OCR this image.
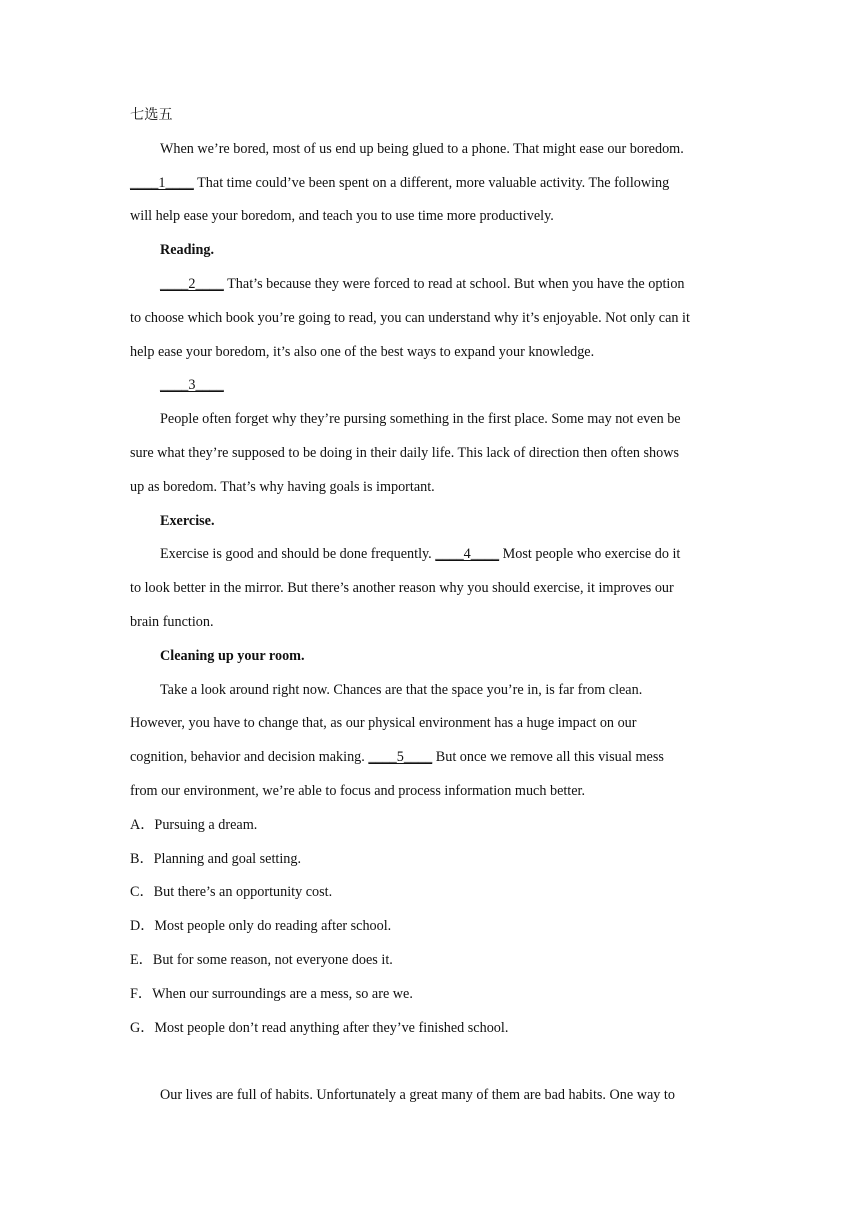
七选五
When we’re bored, most of us end up being glued to a phone. That might ease our boredom.
____1____ That time could’ve been spent on a different, more valuable activity. The following
will help ease your boredom, and teach you to use time more productively.
Reading.
____2____ That’s because they were forced to read at school. But when you have the option
to choose which book you’re going to read, you can understand why it’s enjoyable. Not only can it
help ease your boredom, it’s also one of the best ways to expand your knowledge.
____3____
People often forget why they’re pursing something in the first place. Some may not even be
sure what they’re supposed to be doing in their daily life. This lack of direction then often shows
up as boredom. That’s why having goals is important.
Exercise.
Exercise is good and should be done frequently. ____4____ Most people who exercise do it
to look better in the mirror. But there’s another reason why you should exercise, it improves our
brain function.
Cleaning up your room.
Take a look around right now. Chances are that the space you’re in, is far from clean.
However, you have to change that, as our physical environment has a huge impact on our
cognition, behavior and decision making. ____5____ But once we remove all this visual mess
from our environment, we’re able to focus and process information much better.
A．Pursuing a dream.
B．Planning and goal setting.
C．But there’s an opportunity cost.
D．Most people only do reading after school.
E．But for some reason, not everyone does it.
F．When our surroundings are a mess, so are we.
G．Most people don’t read anything after they’ve finished school.
Our lives are full of habits. Unfortunately a great many of them are bad habits. One way to
